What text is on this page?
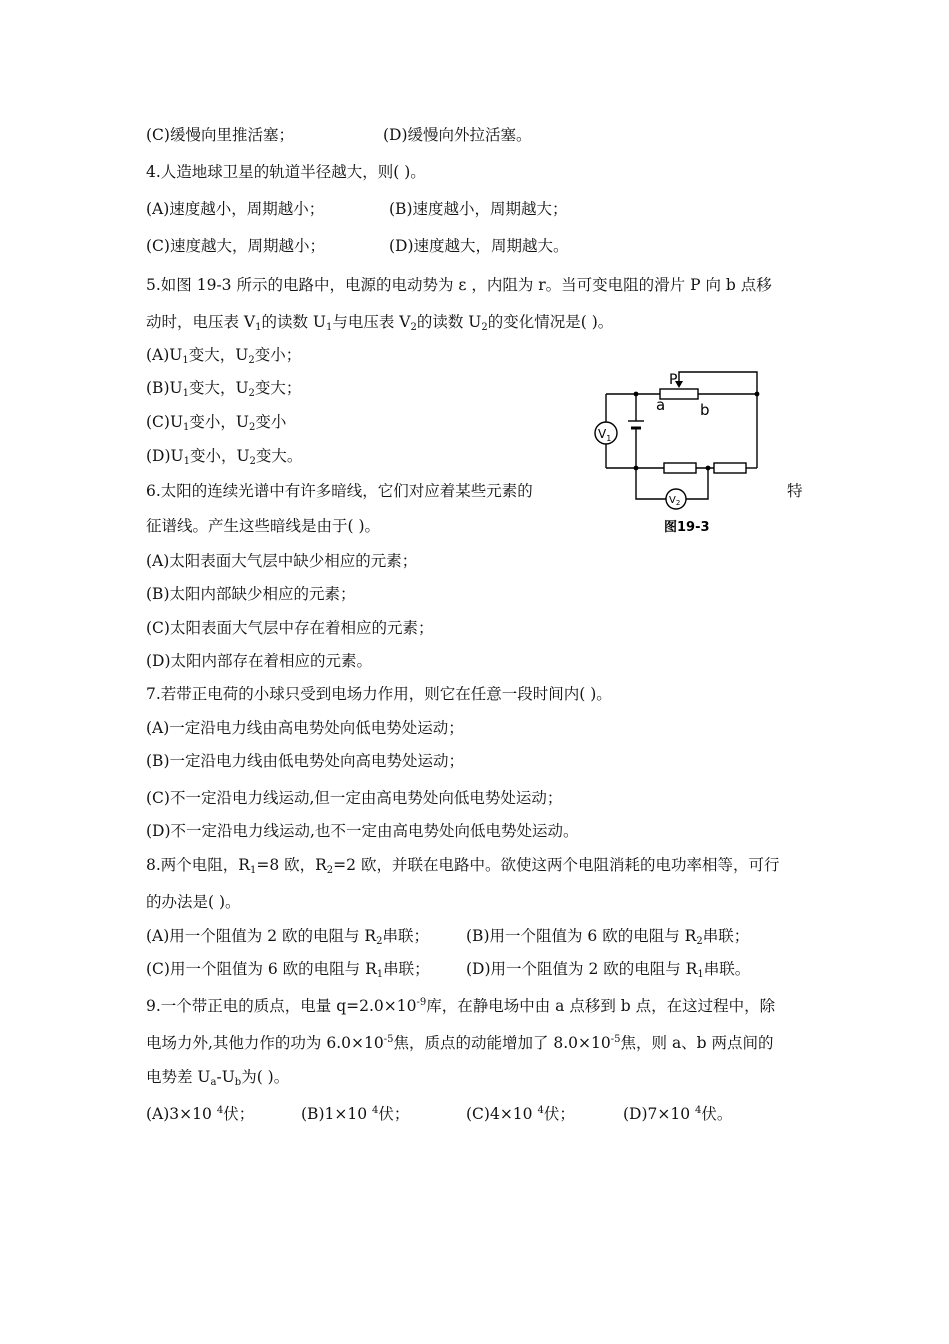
(C)缓慢向里推活塞；	(D)缓慢向外拉活塞。
4.人造地球卫星的轨道半径越大，则( )。
(A)速度越小，周期越小；	(B)速度越小，周期越大；
(C)速度越大，周期越小；	(D)速度越大，周期越大。
5.如图 19-3 所示的电路中，电源的电动势为 ε ，内阻为 r。当可变电阻的滑片 P 向 b 点移
动时，电压表 $V_1$的读数 $U_1$与电压表 $V_2$的读数 $U_2$的变化情况是( )。
$(A)U_1$变大，$U_2$变小；
$(B)U_1$变大，$U_2$变大；
$(C)U_1$变小，$U_2$变小
$(D)U_1$变小，$U_2$变大。
P
a b
$V_1$
$V_2$
图19-3
6.太阳的连续光谱中有许多暗线，它们对应着某些元素的	特
征谱线。产生这些暗线是由于( )。
(A)太阳表面大气层中缺少相应的元素；
(B)太阳内部缺少相应的元素；
(C)太阳表面大气层中存在着相应的元素；
(D)太阳内部存在着相应的元素。
7.若带正电荷的小球只受到电场力作用，则它在任意一段时间内( )。
(A)一定沿电力线由高电势处向低电势处运动；
(B)一定沿电力线由低电势处向高电势处运动；
(C)不一定沿电力线运动,但一定由高电势处向低电势处运动；
(D)不一定沿电力线运动,也不一定由高电势处向低电势处运动。
8.两个电阻，$R_1=8$ 欧，$R_2=2$ 欧，并联在电路中。欲使这两个电阻消耗的电功率相等，可行
的办法是( )。
(A)用一个阻值为 2 欧的电阻与 $R_2$串联； (B)用一个阻值为 6 欧的电阻与 $R_2$串联；
(C)用一个阻值为 6 欧的电阻与 $R_1$串联； (D)用一个阻值为 2 欧的电阻与 $R_1$串联。
9.一个带正电的质点，电量 $q=2.0\times 10^{-9}$库，在静电场中由 a 点移到 b 点，在这过程中，除
电场力外,其他力作的功为 $6.0\times 10^{-5}$焦，质点的动能增加了 $8.0\times 10^{-5}$焦，则 a、b 两点间的
电势差 $U_a-U_b$为( )。
(A)3×10 $^4$伏；	(B)1×10 $^4$伏；	(C)4×10 $^4$伏；	(D)7×10 $^4$伏。
